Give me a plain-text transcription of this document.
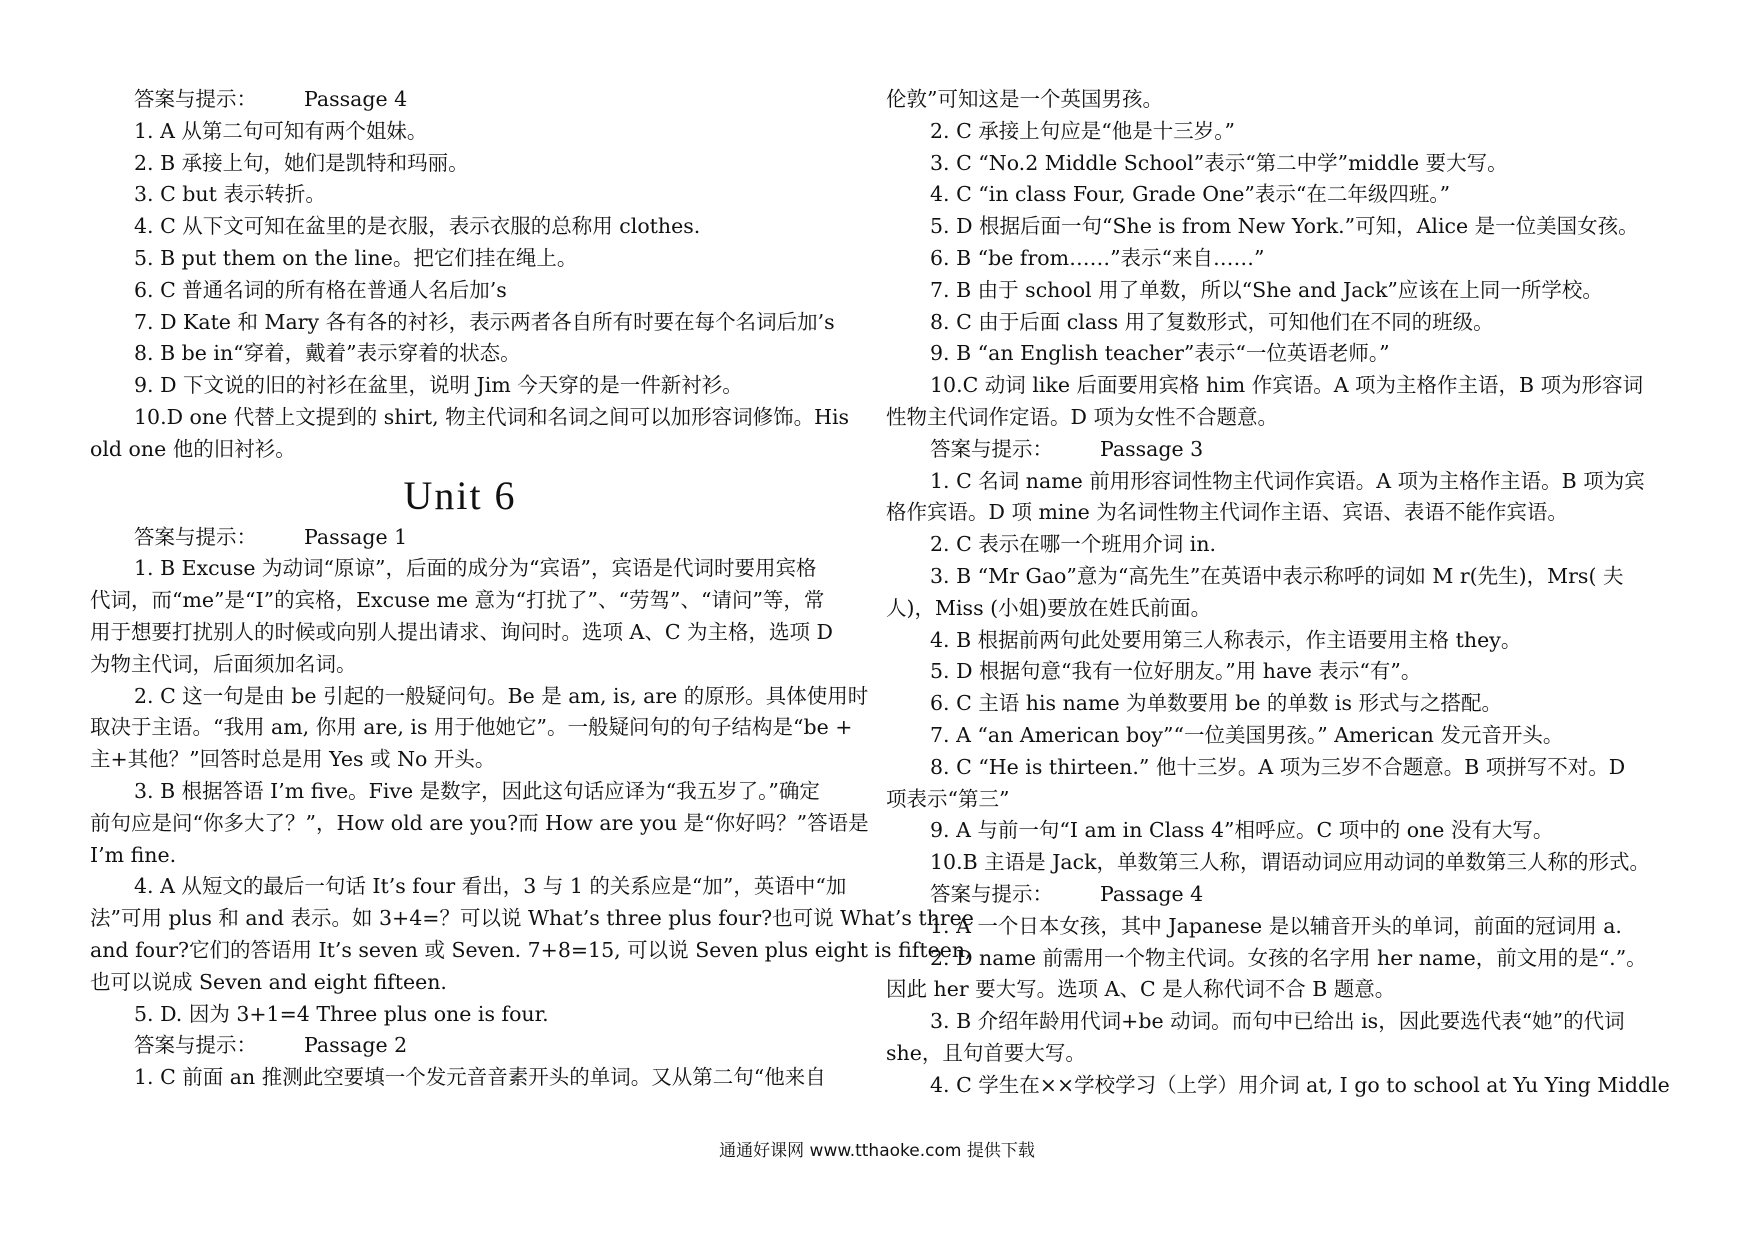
答案与提示： Passage 4
1. A 从第二句可知有两个姐妹。
2. B 承接上句，她们是凯特和玛丽。
3. C but 表示转折。
4. C 从下文可知在盆里的是衣服，表示衣服的总称用 clothes.
5. B put them on the line。把它们挂在绳上。
6. C 普通名词的所有格在普通人名后加’s
7. D Kate 和 Mary 各有各的衬衫，表示两者各自所有时要在每个名词后加’s
8. B be in“穿着，戴着”表示穿着的状态。
9. D 下文说的旧的衬衫在盆里，说明 Jim 今天穿的是一件新衬衫。
10.D one 代替上文提到的 shirt, 物主代词和名词之间可以加形容词修饰。His
old one 他的旧衬衫。
Unit 6
答案与提示： Passage 1
1. B Excuse 为动词“原谅”，后面的成分为“宾语”，宾语是代词时要用宾格
代词，而“me”是“I”的宾格，Excuse me 意为“打扰了”、“劳驾”、“请问”等，常
用于想要打扰别人的时候或向别人提出请求、询问时。选项 A、C 为主格，选项 D
为物主代词，后面须加名词。
2. C 这一句是由 be 引起的一般疑问句。Be 是 am, is, are 的原形。具体使用时
取决于主语。“我用 am, 你用 are, is 用于他她它”。一般疑问句的句子结构是“be +
主+其他？”回答时总是用 Yes 或 No 开头。
3. B 根据答语 I’m five。Five 是数字，因此这句话应译为“我五岁了。”确定
前句应是问“你多大了？”，How old are you?而 How are you 是“你好吗？”答语是
I’m fine.
4. A 从短文的最后一句话 It’s four 看出，3 与 1 的关系应是“加”，英语中“加
法”可用 plus 和 and 表示。如 3+4=？可以说 What’s three plus four?也可说 What’s three
and four?它们的答语用 It’s seven 或 Seven. 7+8=15, 可以说 Seven plus eight is fifteen,
也可以说成 Seven and eight fifteen.
5. D. 因为 3+1=4 Three plus one is four.
答案与提示： Passage 2
1. C 前面 an 推测此空要填一个发元音音素开头的单词。又从第二句“他来自
伦敦”可知这是一个英国男孩。
2. C 承接上句应是“他是十三岁。”
3. C “No.2 Middle School”表示“第二中学”middle 要大写。
4. C “in class Four, Grade One”表示“在二年级四班。”
5. D 根据后面一句“She is from New York.”可知，Alice 是一位美国女孩。
6. B “be from……”表示“来自……”
7. B 由于 school 用了单数，所以“She and Jack”应该在上同一所学校。
8. C 由于后面 class 用了复数形式，可知他们在不同的班级。
9. B “an English teacher”表示“一位英语老师。”
10.C 动词 like 后面要用宾格 him 作宾语。A 项为主格作主语，B 项为形容词
性物主代词作定语。D 项为女性不合题意。
答案与提示： Passage 3
1. C 名词 name 前用形容词性物主代词作宾语。A 项为主格作主语。B 项为宾
格作宾语。D 项 mine 为名词性物主代词作主语、宾语、表语不能作宾语。
2. C 表示在哪一个班用介词 in.
3. B “Mr Gao”意为“高先生”在英语中表示称呼的词如 M r(先生)，Mrs( 夫
人)，Miss (小姐)要放在姓氏前面。
4. B 根据前两句此处要用第三人称表示，作主语要用主格 they。
5. D 根据句意“我有一位好朋友。”用 have 表示“有”。
6. C 主语 his name 为单数要用 be 的单数 is 形式与之搭配。
7. A “an American boy”“一位美国男孩。” American 发元音开头。
8. C “He is thirteen.” 他十三岁。A 项为三岁不合题意。B 项拼写不对。D
项表示“第三”
9. A 与前一句“I am in Class 4”相呼应。C 项中的 one 没有大写。
10.B 主语是 Jack，单数第三人称，谓语动词应用动词的单数第三人称的形式。
答案与提示： Passage 4
1. A 一个日本女孩，其中 Japanese 是以辅音开头的单词，前面的冠词用 a.
2. D name 前需用一个物主代词。女孩的名字用 her name，前文用的是“.”。
因此 her 要大写。选项 A、C 是人称代词不合 B 题意。
3. B 介绍年龄用代词+be 动词。而句中已给出 is，因此要选代表“她”的代词
she，且句首要大写。
4. C 学生在××学校学习（上学）用介词 at, I go to school at Yu Ying Middle
通通好课网 www.tthaoke.com 提供下载
